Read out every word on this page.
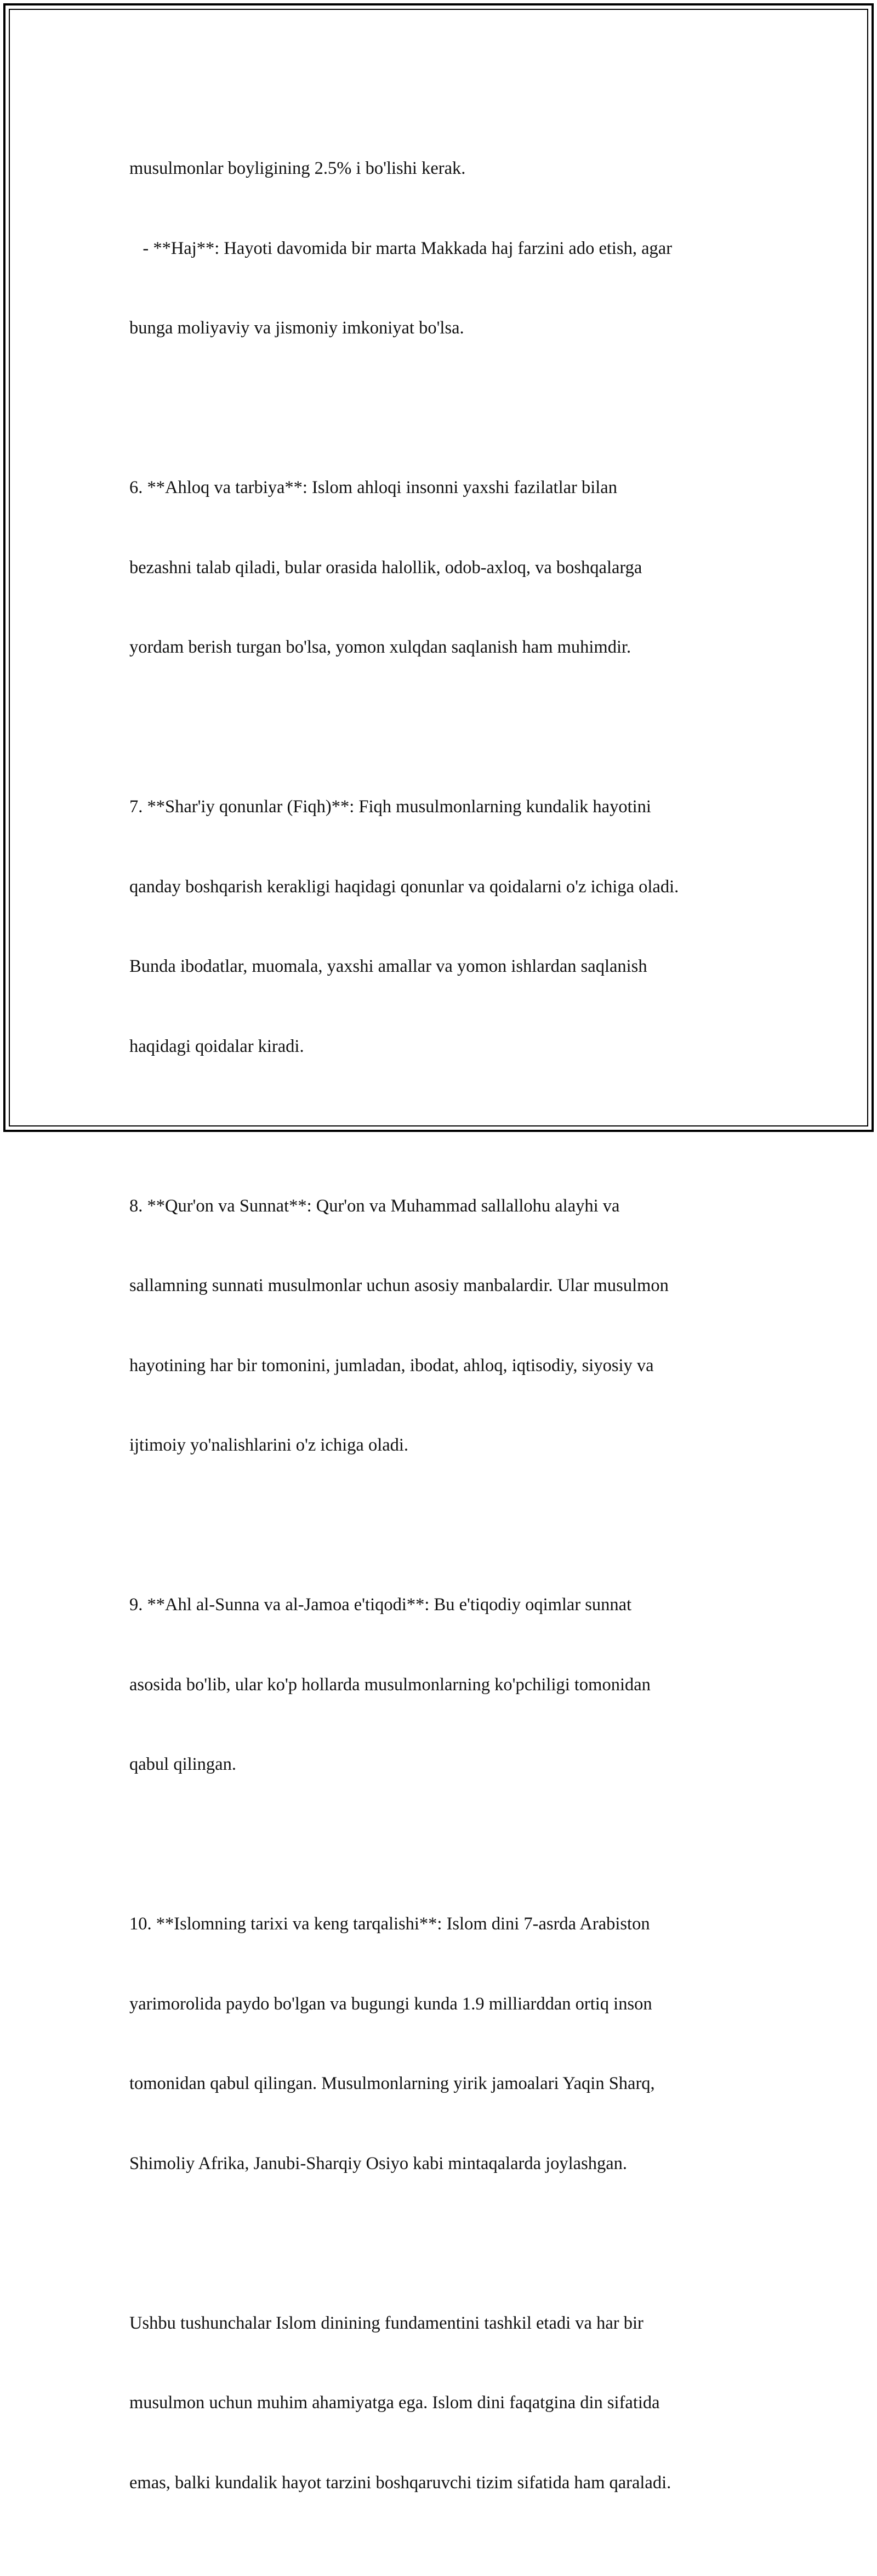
musulmonlar boyligining 2.5% i bo'lishi kerak.

- **Haj**: Hayoti davomida bir marta Makkada haj farzini ado etish, agar

bunga moliyaviy va jismoniy imkoniyat bo'lsa.

6. **Ahloq va tarbiya**: Islom ahloqi insonni yaxshi fazilatlar bilan

bezashni talab qiladi, bular orasida halollik, odob-axloq, va boshqalarga

yordam berish turgan bo'lsa, yomon xulqdan saqlanish ham muhimdir.

7. **Shar'iy qonunlar (Fiqh)**: Fiqh musulmonlarning kundalik hayotini

qanday boshqarish kerakligi haqidagi qonunlar va qoidalarni o'z ichiga oladi.

Bunda ibodatlar, muomala, yaxshi amallar va yomon ishlardan saqlanish

haqidagi qoidalar kiradi.

8. **Qur'on va Sunnat**: Qur'on va Muhammad sallallohu alayhi va

sallamning sunnati musulmonlar uchun asosiy manbalardir. Ular musulmon

hayotining har bir tomonini, jumladan, ibodat, ahloq, iqtisodiy, siyosiy va

ijtimoiy yo'nalishlarini o'z ichiga oladi.

9. **Ahl al-Sunna va al-Jamoa e'tiqodi**: Bu e'tiqodiy oqimlar sunnat

asosida bo'lib, ular ko'p hollarda musulmonlarning ko'pchiligi tomonidan

qabul qilingan.

10. **Islomning tarixi va keng tarqalishi**: Islom dini 7-asrda Arabiston

yarimorolida paydo bo'lgan va bugungi kunda 1.9 milliarddan ortiq inson

tomonidan qabul qilingan. Musulmonlarning yirik jamoalari Yaqin Sharq,

Shimoliy Afrika, Janubi-Sharqiy Osiyo kabi mintaqalarda joylashgan.

Ushbu tushunchalar Islom dinining fundamentini tashkil etadi va har bir

musulmon uchun muhim ahamiyatga ega. Islom dini faqatgina din sifatida

emas, balki kundalik hayot tarzini boshqaruvchi tizim sifatida ham qaraladi.
